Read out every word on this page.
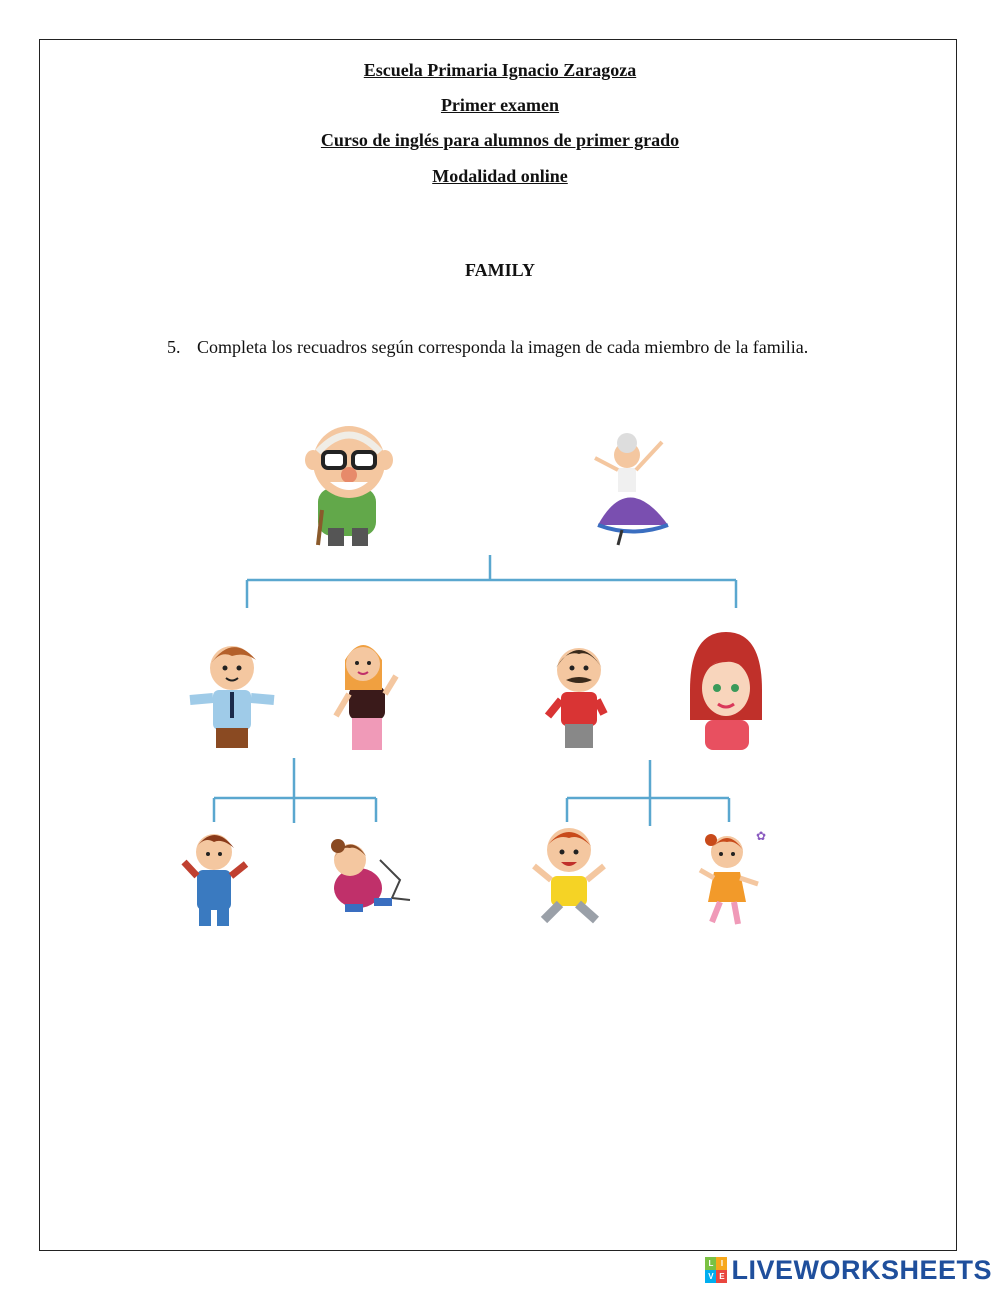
Escuela Primaria Ignacio Zaragoza
Primer examen
Curso de inglés para alumnos de primer grado
Modalidad online
FAMILY
5. Completa los recuadros según corresponda la imagen de cada miembro de la familia.
✿
L I
V E LIVEWORKSHEETS
